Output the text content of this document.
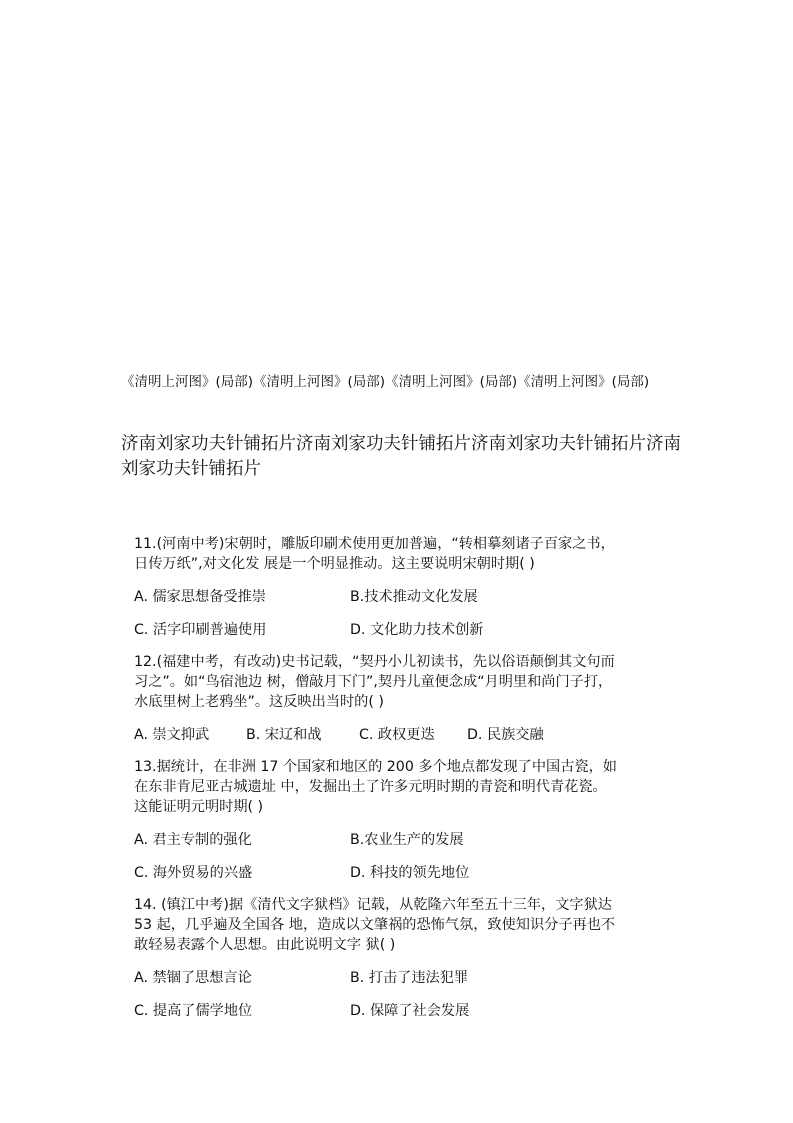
《清明上河图》(局部)《清明上河图》(局部)《清明上河图》(局部)《清明上河图》(局部)
济南刘家功夫针铺拓片济南刘家功夫针铺拓片济南刘家功夫针铺拓片济南刘家功夫针铺拓片
11.(河南中考)宋朝时，雕版印刷术使用更加普遍，“转相摹刻诸子百家之书，
日传万纸”,对文化发 展是一个明显推动。这主要说明宋朝时期( )
A. 儒家思想备受推崇	B.技术推动文化发展
C. 活字印刷普遍使用	D. 文化助力技术创新
12.(福建中考，有改动)史书记载，“契丹小儿初读书，先以俗语颠倒其文句而
习之”。如“鸟宿池边 树，僧敲月下门”,契丹儿童便念成“月明里和尚门子打，
水底里树上老鸦坐”。这反映出当时的( )
A. 崇文抑武	B. 宋辽和战	C. 政权更迭	D. 民族交融
13.据统计，在非洲 17 个国家和地区的 200 多个地点都发现了中国古瓷，如
在东非肯尼亚古城遗址 中，发掘出土了许多元明时期的青瓷和明代青花瓷。
这能证明元明时期( )
A. 君主专制的强化	B.农业生产的发展
C. 海外贸易的兴盛	D. 科技的领先地位
14. (镇江中考)据《清代文字狱档》记载，从乾隆六年至五十三年，文字狱达
53 起，几乎遍及全国各 地，造成以文肇祸的恐怖气氛，致使知识分子再也不
敢轻易表露个人思想。由此说明文字 狱( )
A. 禁锢了思想言论	B. 打击了违法犯罪
C. 提高了儒学地位	D. 保障了社会发展
